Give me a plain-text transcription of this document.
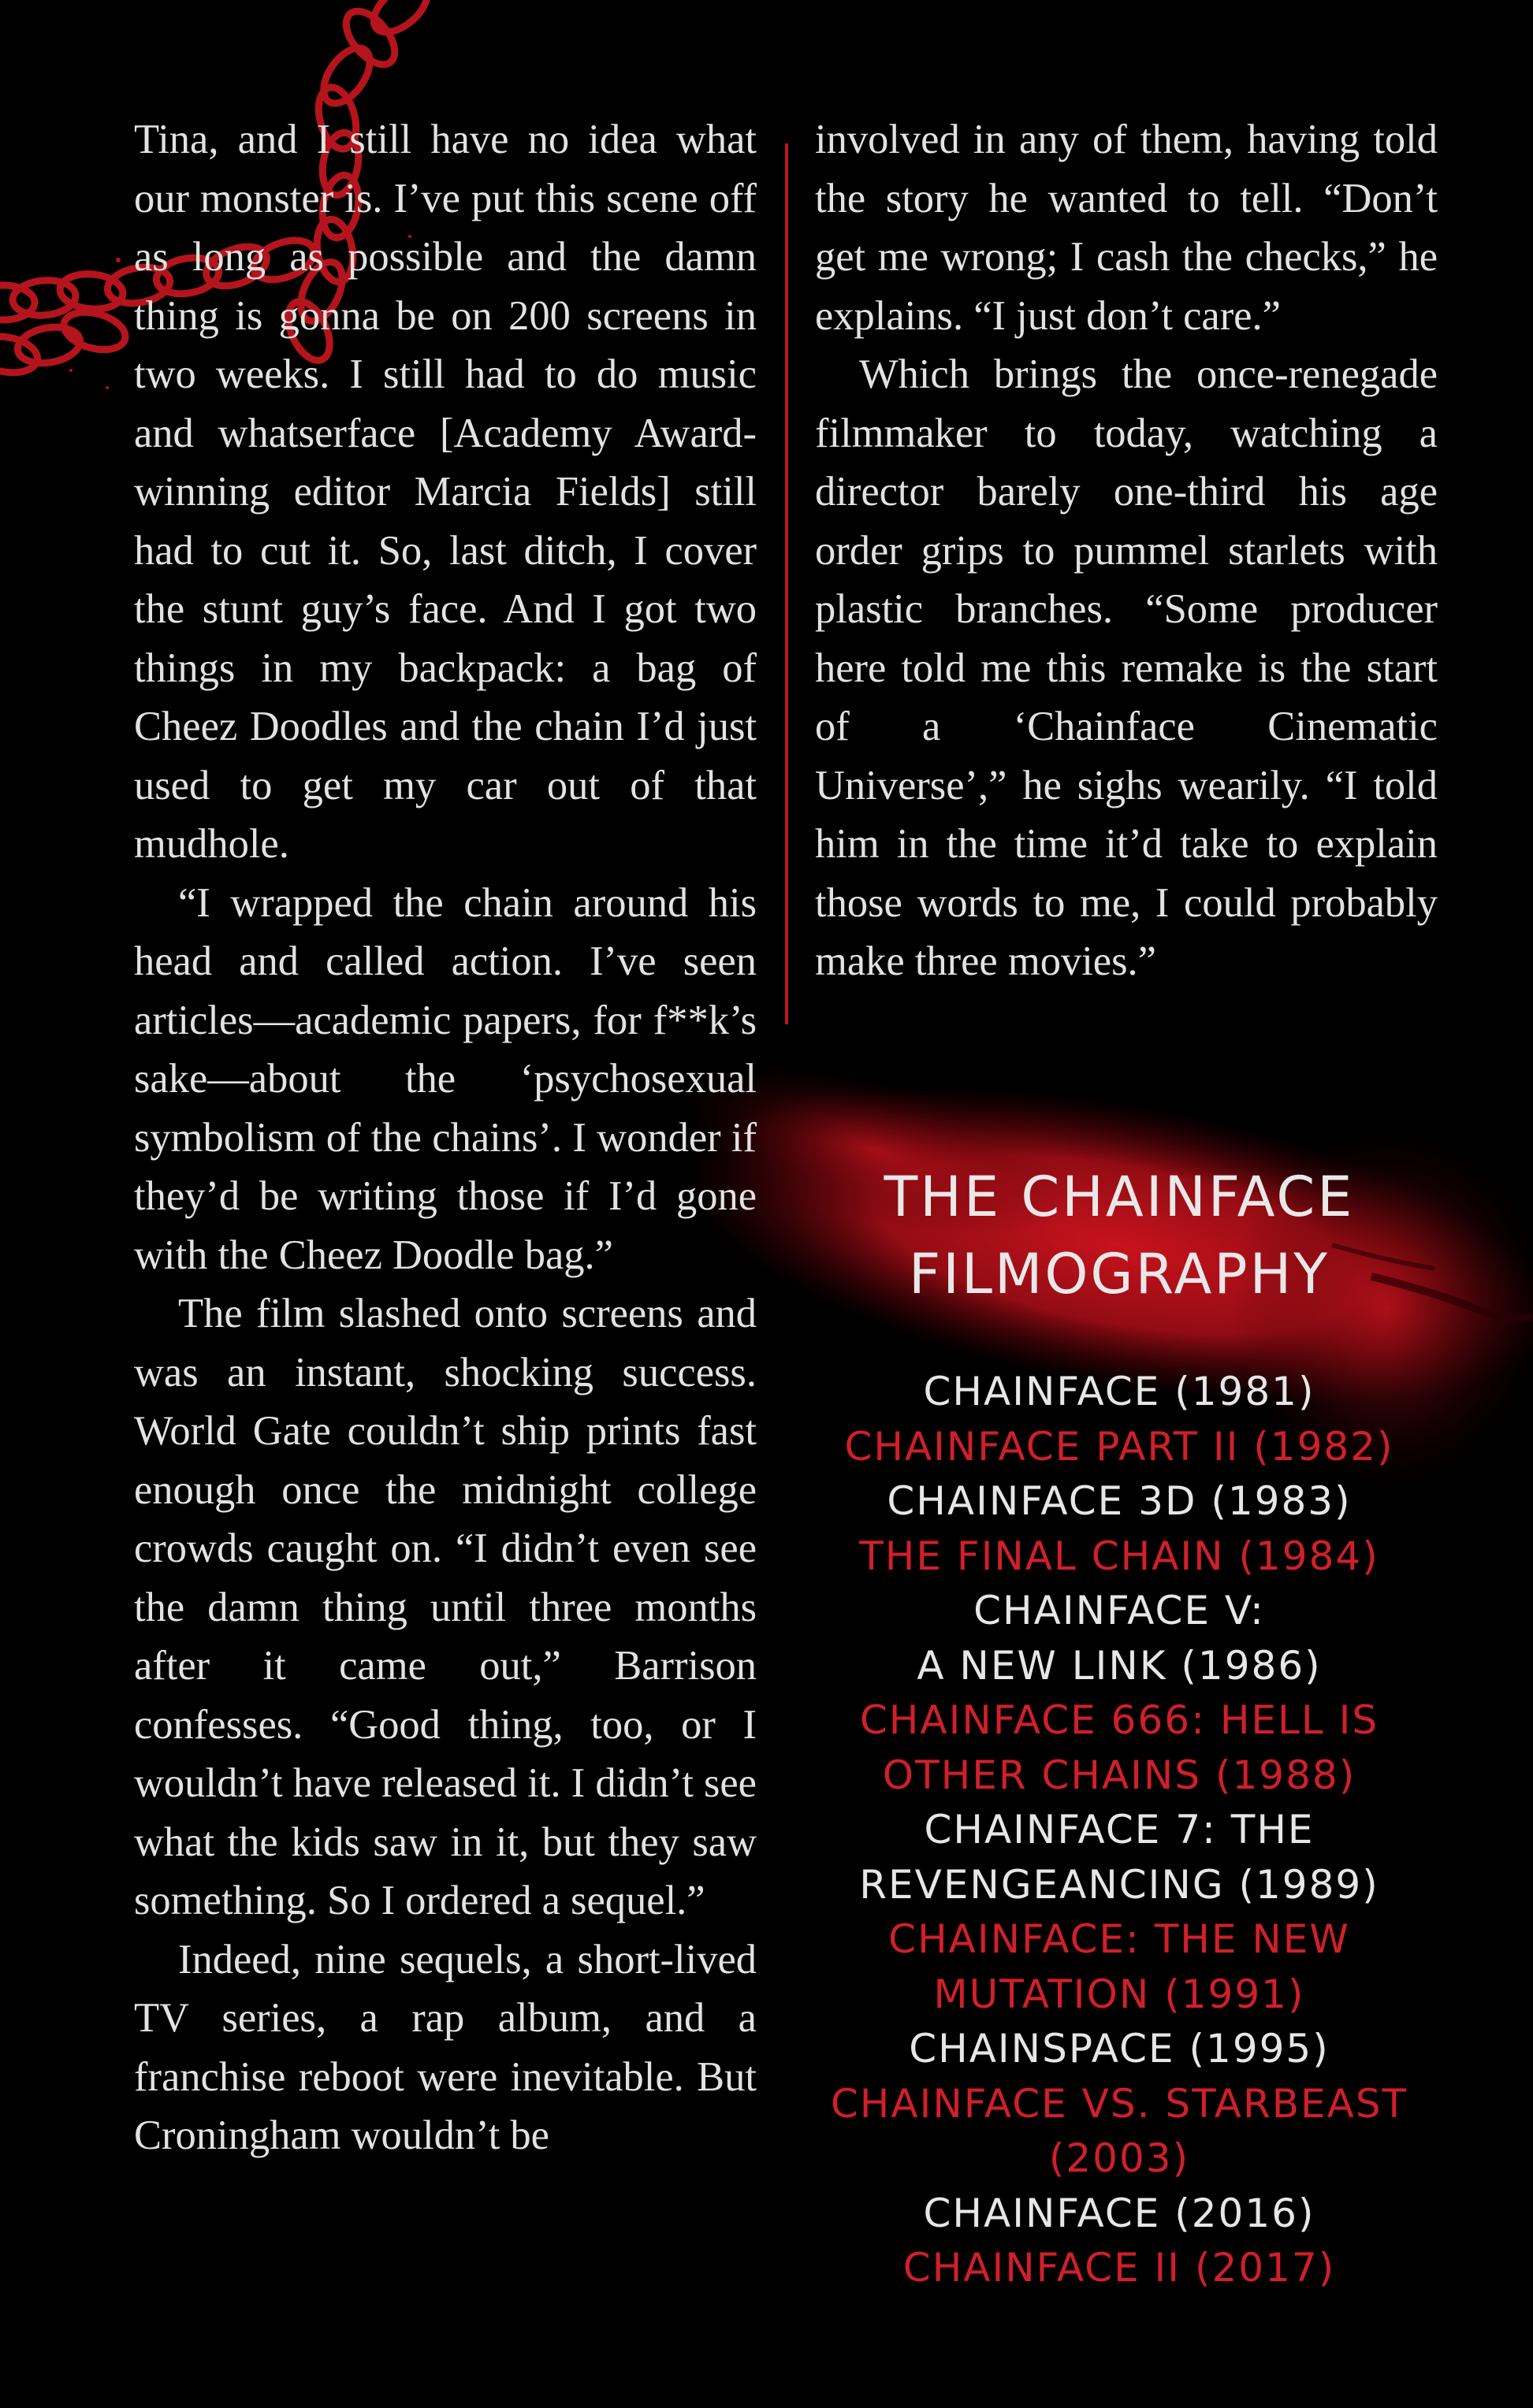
Tina, and I still have no idea what our monster is. I’ve put this scene off as long as possible and the damn thing is gonna be on 200 screens in two weeks. I still had to do music and whatserface [Academy Award-winning editor Marcia Fields] still had to cut it. So, last ditch, I cover the stunt guy’s face. And I got two things in my backpack: a bag of Cheez Doodles and the chain I’d just used to get my car out of that mudhole.

“I wrapped the chain around his head and called action. I’ve seen articles—academic papers, for f**k’s sake—about the ‘psychosexual symbolism of the chains’. I wonder if they’d be writing those if I’d gone with the Cheez Doodle bag.”

The film slashed onto screens and was an instant, shocking success. World Gate couldn’t ship prints fast enough once the midnight college crowds caught on. “I didn’t even see the damn thing until three months after it came out,” Barrison confesses. “Good thing, too, or I wouldn’t have released it. I didn’t see what the kids saw in it, but they saw something. So I ordered a sequel.”

Indeed, nine sequels, a short-lived TV series, a rap album, and a franchise reboot were inevitable. But Croningham wouldn’t be

involved in any of them, having told the story he wanted to tell. “Don’t get me wrong; I cash the checks,” he explains. “I just don’t care.”

Which brings the once-renegade filmmaker to today, watching a director barely one-third his age order grips to pummel starlets with plastic branches. “Some producer here told me this remake is the start of a ‘Chainface Cinematic Universe’,” he sighs wearily. “I told him in the time it’d take to explain those words to me, I could probably make three movies.”

THE CHAINFACE
FILMOGRAPHY
CHAINFACE (1981)
CHAINFACE PART II (1982)
CHAINFACE 3D (1983)
THE FINAL CHAIN (1984)
CHAINFACE V:
A NEW LINK (1986)
CHAINFACE 666: HELL IS
OTHER CHAINS (1988)
CHAINFACE 7: THE
REVENGEANCING (1989)
CHAINFACE: THE NEW
MUTATION (1991)
CHAINSPACE (1995)
CHAINFACE VS. STARBEAST
(2003)
CHAINFACE (2016)
CHAINFACE II (2017)
